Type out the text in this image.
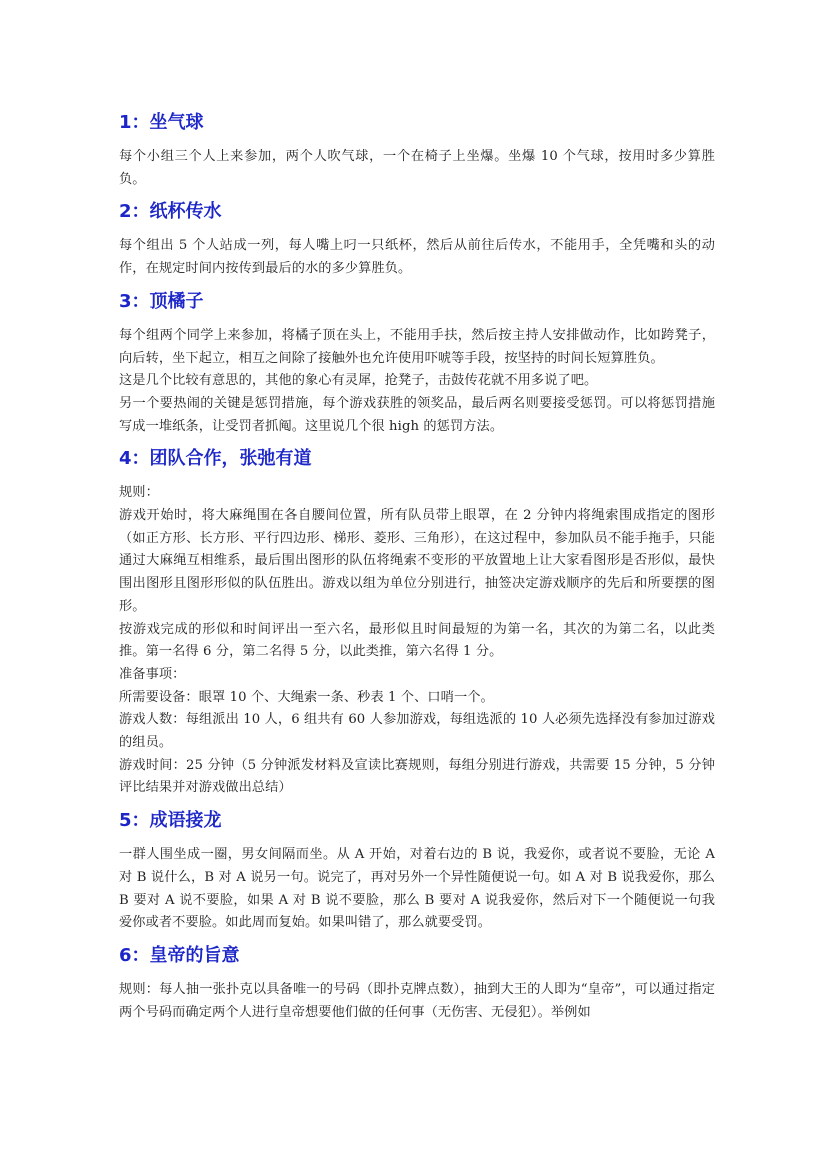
1：坐气球

每个小组三个人上来参加，两个人吹气球，一个在椅子上坐爆。坐爆 10 个气球，按用时多少算胜负。

2：纸杯传水

每个组出 5 个人站成一列，每人嘴上叼一只纸杯，然后从前往后传水，不能用手，全凭嘴和头的动作，在规定时间内按传到最后的水的多少算胜负。

3：顶橘子

每个组两个同学上来参加，将橘子顶在头上，不能用手扶，然后按主持人安排做动作，比如跨凳子，向后转，坐下起立，相互之间除了接触外也允许使用吓唬等手段，按坚持的时间长短算胜负。

这是几个比较有意思的，其他的象心有灵犀，抢凳子，击鼓传花就不用多说了吧。

另一个要热闹的关键是惩罚措施，每个游戏获胜的领奖品，最后两名则要接受惩罚。可以将惩罚措施写成一堆纸条，让受罚者抓阄。这里说几个很 high 的惩罚方法。

4：团队合作，张弛有道

规则：

游戏开始时，将大麻绳围在各自腰间位置，所有队员带上眼罩，在 2 分钟内将绳索围成指定的图形（如正方形、长方形、平行四边形、梯形、菱形、三角形），在这过程中，参加队员不能手拖手，只能通过大麻绳互相维系，最后围出图形的队伍将绳索不变形的平放置地上让大家看图形是否形似，最快围出图形且图形形似的队伍胜出。游戏以组为单位分别进行，抽签决定游戏顺序的先后和所要摆的图形。

按游戏完成的形似和时间评出一至六名，最形似且时间最短的为第一名，其次的为第二名，以此类推。第一名得 6 分，第二名得 5 分，以此类推，第六名得 1 分。

准备事项：

所需要设备：眼罩 10 个、大绳索一条、秒表 1 个、口哨一个。

游戏人数：每组派出 10 人，6 组共有 60 人参加游戏，每组选派的 10 人必须先选择没有参加过游戏的组员。

游戏时间：25 分钟（5 分钟派发材料及宣读比赛规则，每组分别进行游戏，共需要 15 分钟，5 分钟评比结果并对游戏做出总结）

5：成语接龙

一群人围坐成一圈，男女间隔而坐。从 A 开始，对着右边的 B 说，我爱你，或者说不要脸，无论 A 对 B 说什么，B 对 A 说另一句。说完了，再对另外一个异性随便说一句。如 A 对 B 说我爱你，那么 B 要对 A 说不要脸，如果 A 对 B 说不要脸，那么 B 要对 A 说我爱你，然后对下一个随便说一句我爱你或者不要脸。如此周而复始。如果叫错了，那么就要受罚。

6：皇帝的旨意

规则：每人抽一张扑克以具备唯一的号码（即扑克牌点数），抽到大王的人即为“皇帝”，可以通过指定两个号码而确定两个人进行皇帝想要他们做的任何事（无伤害、无侵犯）。举例如
